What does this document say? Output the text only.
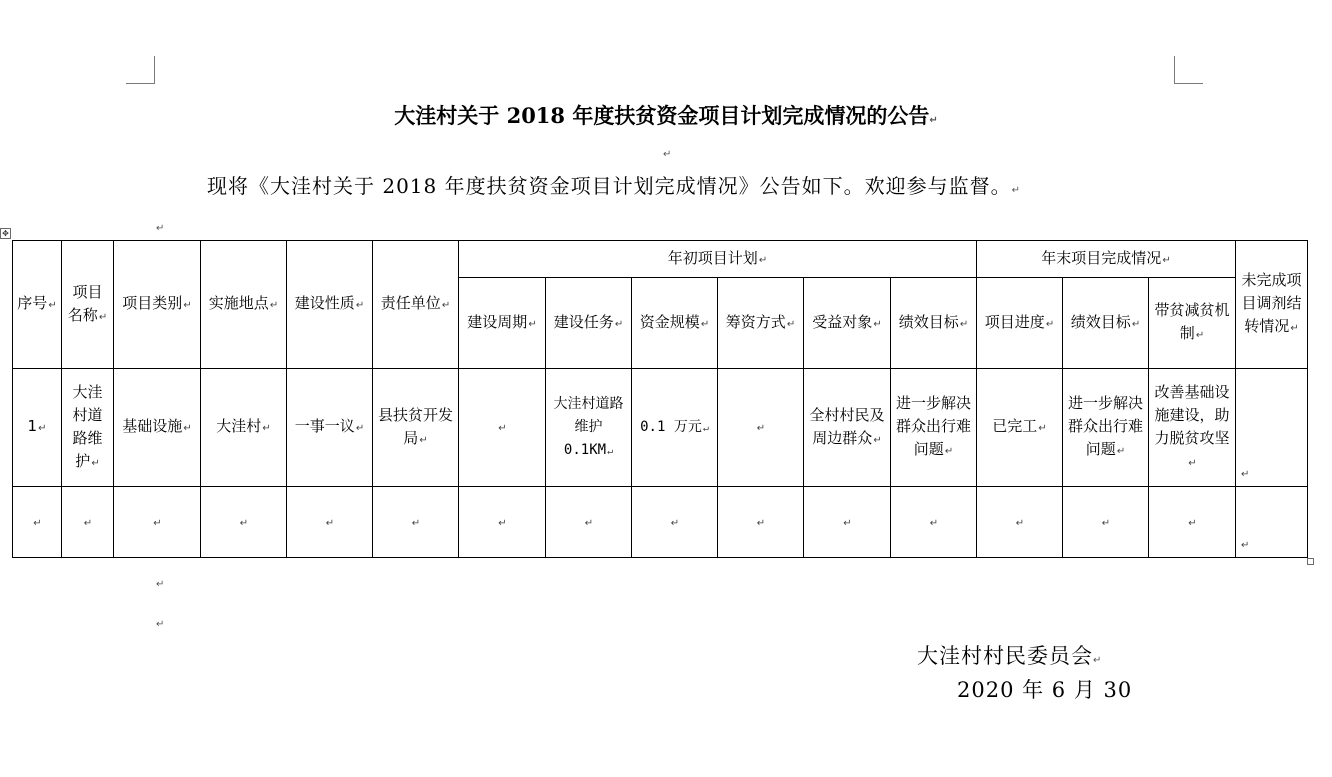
大洼村关于 2018 年度扶贫资金项目计划完成情况的公告↵
↵
现将《大洼村关于 2018 年度扶贫资金项目计划完成情况》公告如下。欢迎参与监督。↵
↵
✥
序号↵	项目名称↵	项目类别↵	实施地点↵	建设性质↵	责任单位↵	年初项目计划↵						年末项目完成情况↵			未完成项目调剂结转情况↵
						建设周期↵	建设任务↵	资金规模↵	筹资方式↵	受益对象↵	绩效目标↵	项目进度↵	绩效目标↵	带贫减贫机制↵	
1↵	大洼村道路维护↵	基础设施↵	大洼村↵	一事一议↵	县扶贫开发局↵	↵	大洼村道路维护 0.1KM↵	0.1 万元↵	↵	全村村民及周边群众↵	进一步解决群众出行难问题↵	已完工↵	进一步解决群众出行难问题↵	改善基础设施建设，助力脱贫攻坚↵	↵
↵	↵	↵	↵	↵	↵	↵	↵	↵	↵	↵	↵	↵	↵	↵	↵
↵
↵
大洼村村民委员会↵
2020 年 6 月 30
